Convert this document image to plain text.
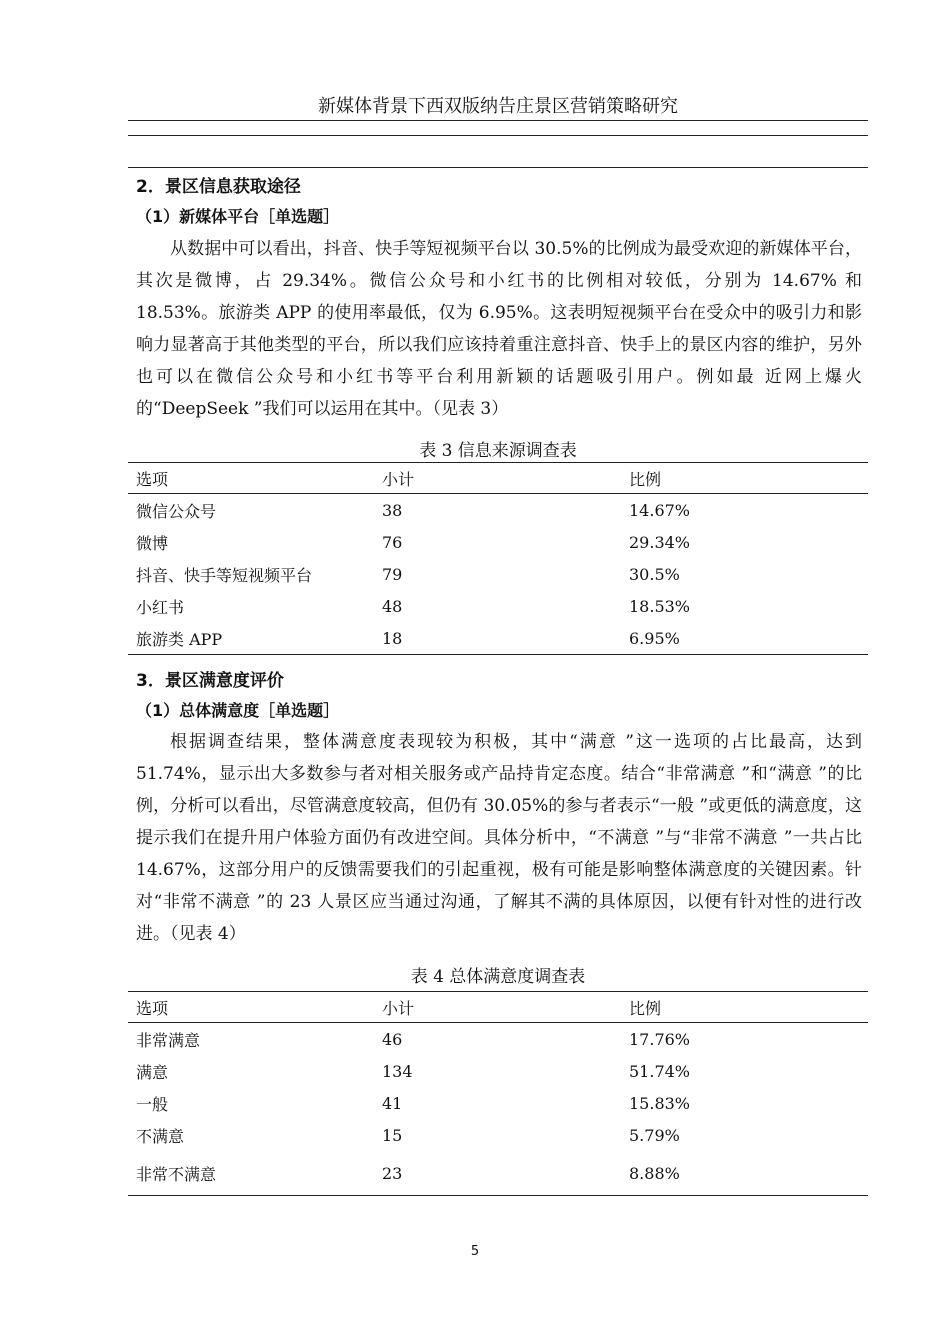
新媒体背景下西双版纳告庄景区营销策略研究
2．景区信息获取途径
（1）新媒体平台［单选题］
从数据中可以看出，抖音、快手等短视频平台以 30.5%的比例成为最受欢迎的新媒体平台，其次是微博，占 29.34%。微信公众号和小红书的比例相对较低，分别为 14.67% 和 18.53%。旅游类 APP 的使用率最低，仅为 6.95%。这表明短视频平台在受众中的吸引力和影响力显著高于其他类型的平台，所以我们应该持着重注意抖音、快手上的景区内容的维护，另外也可以在微信公众号和小红书等平台利用新颖的话题吸引用户。例如最 近网上爆火的“DeepSeek ”我们可以运用在其中。（见表 3）
表 3 信息来源调查表
选项	小计	比例
微信公众号	38	14.67%
微博	76	29.34%
抖音、快手等短视频平台	79	30.5%
小红书	48	18.53%
旅游类 APP	18	6.95%
3．景区满意度评价
（1）总体满意度［单选题］
根据调查结果，整体满意度表现较为积极，其中“满意 ”这一选项的占比最高，达到 51.74%，显示出大多数参与者对相关服务或产品持肯定态度。结合“非常满意 ”和“满意 ”的比例，分析可以看出，尽管满意度较高，但仍有 30.05%的参与者表示“一般 ”或更低的满意度，这提示我们在提升用户体验方面仍有改进空间。具体分析中，“不满意 ”与“非常不满意 ”一共占比 14.67%，这部分用户的反馈需要我们的引起重视，极有可能是影响整体满意度的关键因素。针对“非常不满意 ”的 23 人景区应当通过沟通，了解其不满的具体原因，以便有针对性的进行改进。（见表 4）
表 4 总体满意度调查表
选项	小计	比例
非常满意	46	17.76%
满意	134	51.74%
一般	41	15.83%
不满意	15	5.79%
非常不满意	23	8.88%
5
